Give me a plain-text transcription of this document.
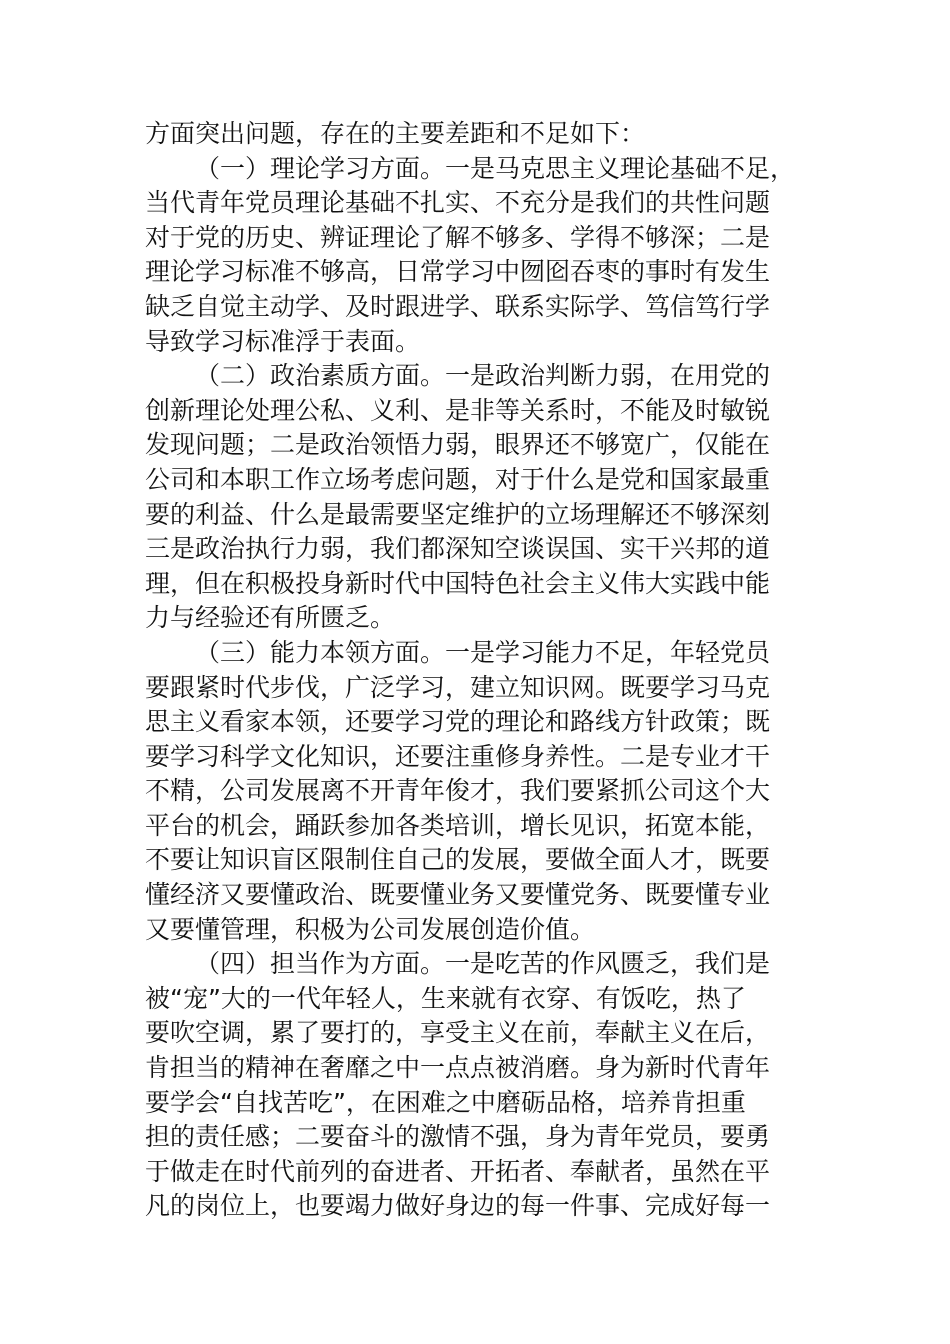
方面突出问题，存在的主要差距和不足如下：
（一）理论学习方面。一是马克思主义理论基础不足，
当代青年党员理论基础不扎实、不充分是我们的共性问题
对于党的历史、辨证理论了解不够多、学得不够深；二是
理论学习标准不够高，日常学习中囫囵吞枣的事时有发生
缺乏自觉主动学、及时跟进学、联系实际学、笃信笃行学
导致学习标准浮于表面。
（二）政治素质方面。一是政治判断力弱，在用党的
创新理论处理公私、义利、是非等关系时，不能及时敏锐
发现问题；二是政治领悟力弱，眼界还不够宽广，仅能在
公司和本职工作立场考虑问题，对于什么是党和国家最重
要的利益、什么是最需要坚定维护的立场理解还不够深刻
三是政治执行力弱，我们都深知空谈误国、实干兴邦的道
理，但在积极投身新时代中国特色社会主义伟大实践中能
力与经验还有所匮乏。
（三）能力本领方面。一是学习能力不足，年轻党员
要跟紧时代步伐，广泛学习，建立知识网。既要学习马克
思主义看家本领，还要学习党的理论和路线方针政策；既
要学习科学文化知识，还要注重修身养性。二是专业才干
不精，公司发展离不开青年俊才，我们要紧抓公司这个大
平台的机会，踊跃参加各类培训，增长见识，拓宽本能，
不要让知识盲区限制住自己的发展，要做全面人才，既要
懂经济又要懂政治、既要懂业务又要懂党务、既要懂专业
又要懂管理，积极为公司发展创造价值。
（四）担当作为方面。一是吃苦的作风匮乏，我们是
被“宠”大的一代年轻人，生来就有衣穿、有饭吃，热了
要吹空调，累了要打的，享受主义在前，奉献主义在后，
肯担当的精神在奢靡之中一点点被消磨。身为新时代青年
要学会“自找苦吃”，在困难之中磨砺品格，培养肯担重
担的责任感；二要奋斗的激情不强，身为青年党员，要勇
于做走在时代前列的奋进者、开拓者、奉献者，虽然在平
凡的岗位上，也要竭力做好身边的每一件事、完成好每一
